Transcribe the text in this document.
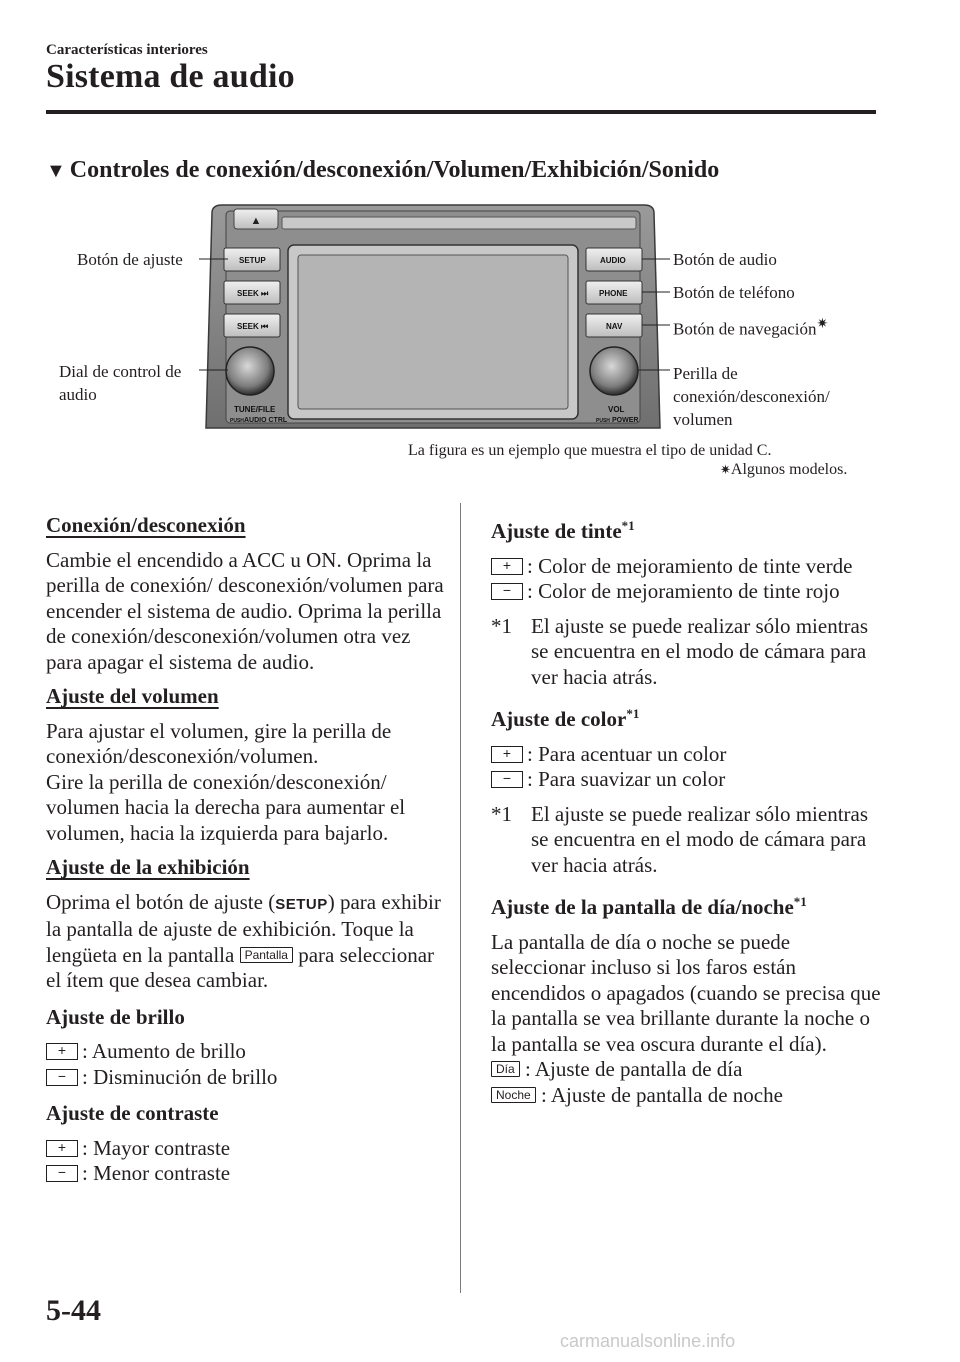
Características interiores
Sistema de audio
▼ Controles de conexión/desconexión/Volumen/Exhibición/Sonido
▲
SETUP
SEEK ⏭
SEEK ⏮
AUDIO
PHONE
NAV
TUNE/FILE
PUSH AUDIO CTRL
VOL
PUSH POWER
Botón de ajuste
Dial de control de
audio
Botón de audio
Botón de teléfono
Botón de navegación✷
Perilla de
conexión/desconexión/
volumen
La figura es un ejemplo que muestra el tipo de unidad C.
✷Algunos modelos.

Conexión/desconexión

Cambie el encendido a ACC u ON. Oprima la perilla de conexión/ desconexión/volumen para encender el sistema de audio. Oprima la perilla de conexión/desconexión/volumen otra vez para apagar el sistema de audio.

Ajuste del volumen

Para ajustar el volumen, gire la perilla de conexión/desconexión/volumen.

Gire la perilla de conexión/desconexión/ volumen hacia la derecha para aumentar el volumen, hacia la izquierda para bajarlo.

Ajuste de la exhibición

Oprima el botón de ajuste (SETUP) para exhibir la pantalla de ajuste de exhibición. Toque la lengüeta en la pantalla Pantalla para seleccionar el ítem que desea cambiar.

Ajuste de brillo

+ : Aumento de brillo

− : Disminución de brillo

Ajuste de contraste

+ : Mayor contraste

− : Menor contraste

Ajuste de tinte$^{*1}$

+ : Color de mejoramiento de tinte verde

− : Color de mejoramiento de tinte rojo

*1 El ajuste se puede realizar sólo mientras se encuentra en el modo de cámara para ver hacia atrás.

Ajuste de color$^{*1}$

+ : Para acentuar un color

− : Para suavizar un color

*1 El ajuste se puede realizar sólo mientras se encuentra en el modo de cámara para ver hacia atrás.

Ajuste de la pantalla de día/noche$^{*1}$

La pantalla de día o noche se puede seleccionar incluso si los faros están encendidos o apagados (cuando se precisa que la pantalla se vea brillante durante la noche o la pantalla se vea oscura durante el día).

Día : Ajuste de pantalla de día

Noche : Ajuste de pantalla de noche

5-44
carmanualsonline.info
